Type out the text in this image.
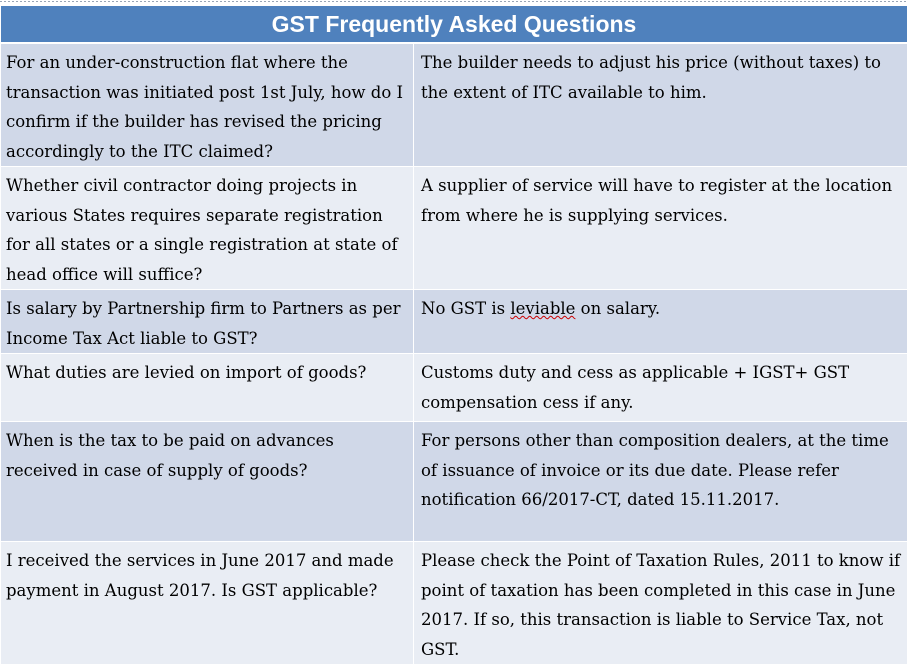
GST Frequently Asked Questions	
For an under-construction flat where the transaction was initiated post 1st July, how do I confirm if the builder has revised the pricing accordingly to the ITC claimed?	The builder needs to adjust his price (without taxes) to the extent of ITC available to him.
Whether civil contractor doing projects in various States requires separate registration for all states or a single registration at state of head office will suffice?	A supplier of service will have to register at the location from where he is supplying services.
Is salary by Partnership firm to Partners as per Income Tax Act liable to GST?	No GST is leviable on salary.
What duties are levied on import of goods?	Customs duty and cess as applicable + IGST+ GST compensation cess if any.
When is the tax to be paid on advances received in case of supply of goods?	For persons other than composition dealers, at the time of issuance of invoice or its due date. Please refer notification 66/2017-CT, dated 15.11.2017.
I received the services in June 2017 and made payment in August 2017. Is GST applicable?	Please check the Point of Taxation Rules, 2011 to know if point of taxation has been completed in this case in June 2017. If so, this transaction is liable to Service Tax, not GST.
